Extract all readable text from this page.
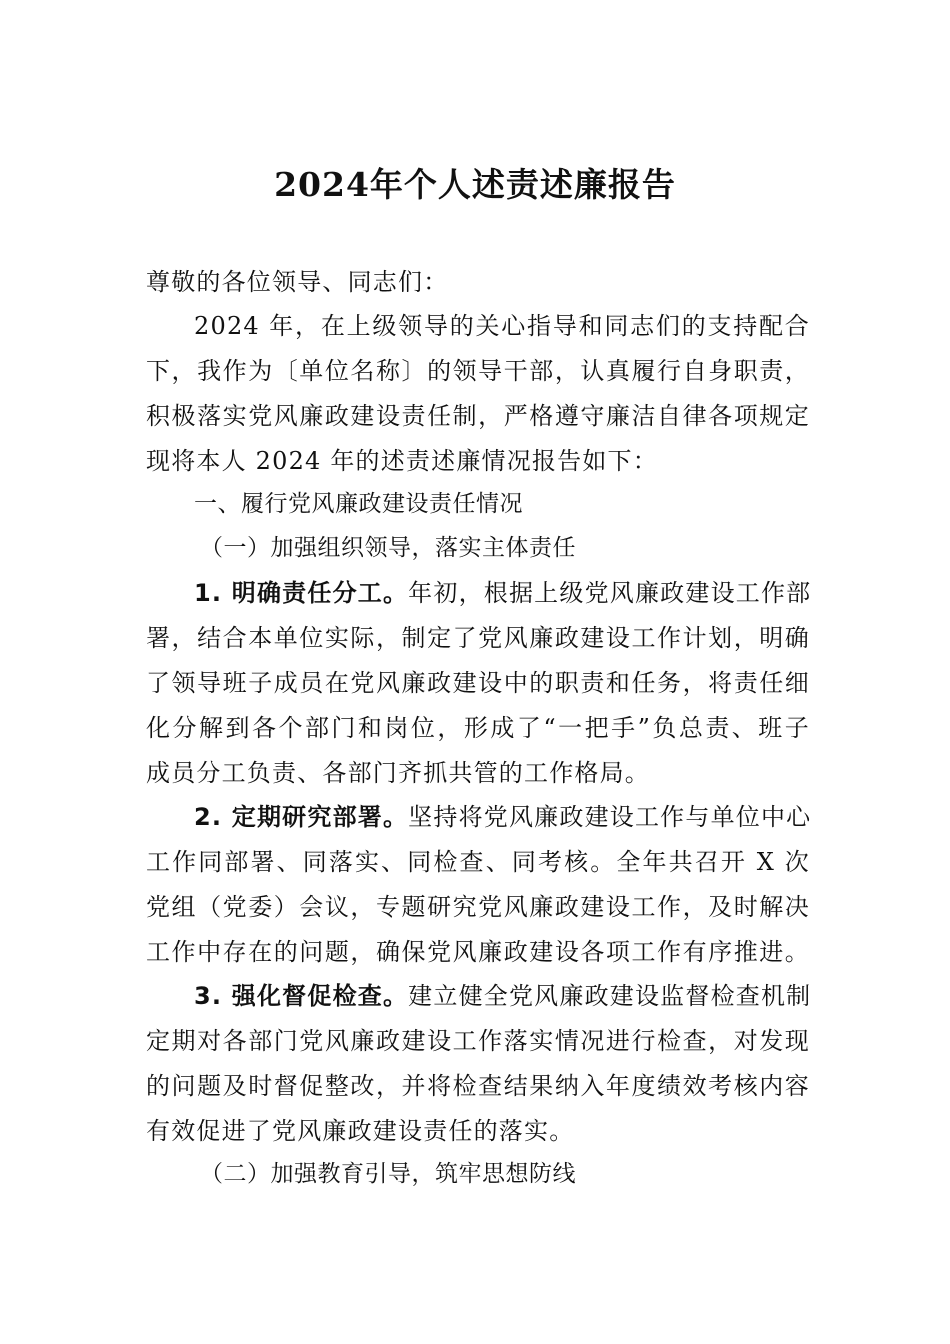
2024年个人述责述廉报告
尊敬的各位领导、同志们：
2024 年，在上级领导的关心指导和同志们的支持配合
下，我作为〔单位名称〕的领导干部，认真履行自身职责，
积极落实党风廉政建设责任制，严格遵守廉洁自律各项规定
现将本人 2024 年的述责述廉情况报告如下：
一、履行党风廉政建设责任情况
（一）加强组织领导，落实主体责任
1. 明确责任分工。年初，根据上级党风廉政建设工作部
署，结合本单位实际，制定了党风廉政建设工作计划，明确
了领导班子成员在党风廉政建设中的职责和任务，将责任细
化分解到各个部门和岗位，形成了“一把手”负总责、班子
成员分工负责、各部门齐抓共管的工作格局。
2. 定期研究部署。坚持将党风廉政建设工作与单位中心
工作同部署、同落实、同检查、同考核。全年共召开 X 次
党组（党委）会议，专题研究党风廉政建设工作，及时解决
工作中存在的问题，确保党风廉政建设各项工作有序推进。
3. 强化督促检查。建立健全党风廉政建设监督检查机制
定期对各部门党风廉政建设工作落实情况进行检查，对发现
的问题及时督促整改，并将检查结果纳入年度绩效考核内容
有效促进了党风廉政建设责任的落实。
（二）加强教育引导，筑牢思想防线
